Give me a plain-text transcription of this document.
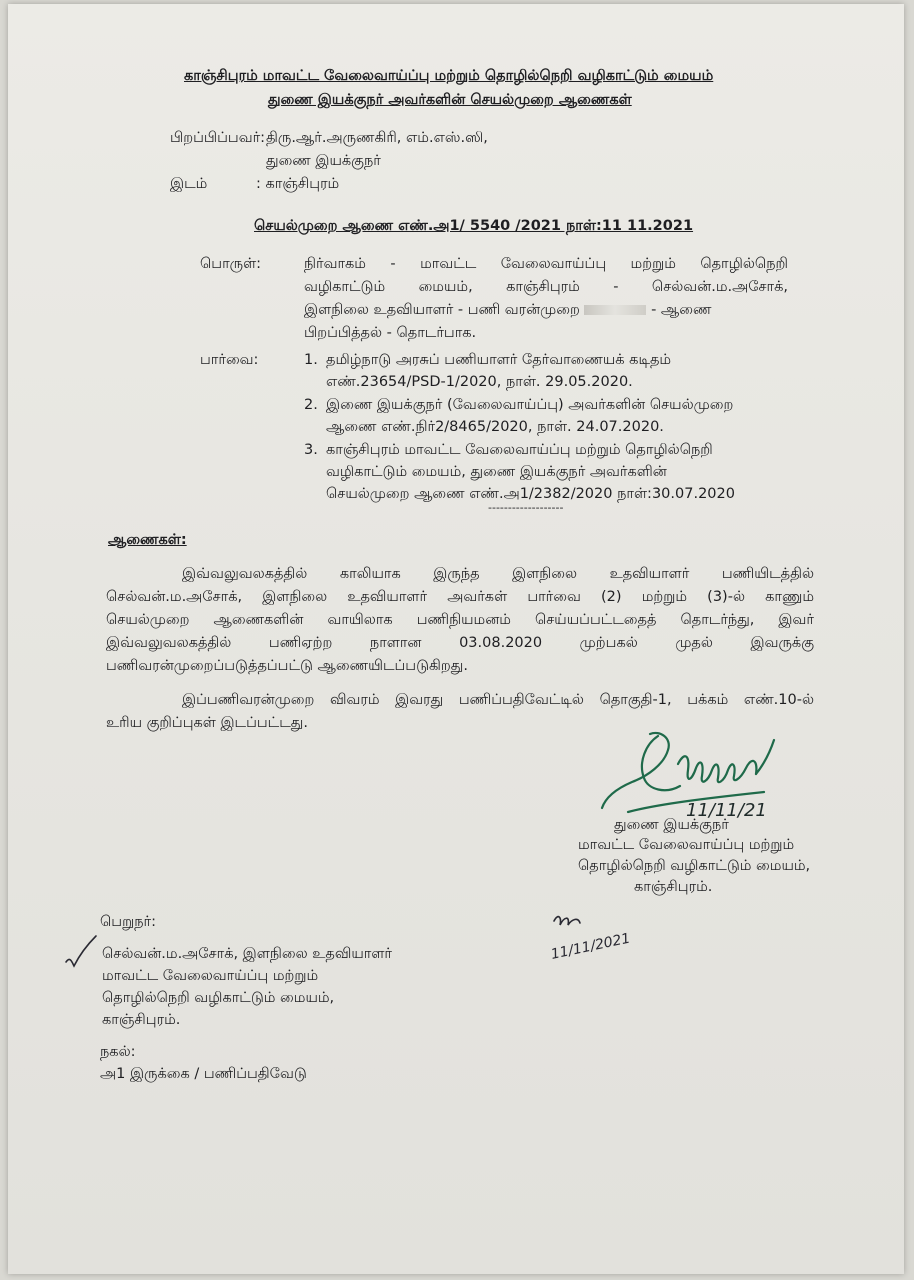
காஞ்சிபுரம் மாவட்ட வேலைவாய்ப்பு மற்றும் தொழில்நெறி வழிகாட்டும் மையம்
துணை இயக்குநர் அவர்களின் செயல்முறை ஆணைகள்
பிறப்பிப்பவர்: திரு.ஆர்.அருணகிரி, எம்.எஸ்.ஸி,
துணை இயக்குநர்
இடம்	: காஞ்சிபுரம்
செயல்முறை ஆணை எண்.அ1/ 5540 /2021 நாள்:11 11.2021
பொருள்:	நிர்வாகம் - மாவட்ட வேலைவாய்ப்பு மற்றும் தொழில்நெறி
வழிகாட்டும் மையம், காஞ்சிபுரம் - செல்வன்.ம.அசோக்,
இளநிலை உதவியாளர் - பணி வரன்முறை	- ஆணை
பிறப்பித்தல் - தொடர்பாக.
பார்வை:	1. தமிழ்நாடு அரசுப் பணியாளர் தேர்வாணையக் கடிதம்
எண்.23654/PSD-1/2020, நாள். 29.05.2020.
2. இணை இயக்குநர் (வேலைவாய்ப்பு) அவர்களின் செயல்முறை
ஆணை எண்.நிர்2/8465/2020, நாள். 24.07.2020.
3. காஞ்சிபுரம் மாவட்ட வேலைவாய்ப்பு மற்றும் தொழில்நெறி
வழிகாட்டும் மையம், துணை இயக்குநர் அவர்களின்
செயல்முறை ஆணை எண்.அ1/2382/2020 நாள்:30.07.2020
-------------------
ஆணைகள்:
இவ்வலுவலகத்தில் காலியாக இருந்த இளநிலை உதவியாளர் பணியிடத்தில்
செல்வன்.ம.அசோக், இளநிலை உதவியாளர் அவர்கள் பார்வை (2) மற்றும் (3)-ல் காணும்
செயல்முறை ஆணைகளின் வாயிலாக பணிநியமனம் செய்யப்பட்டதைத் தொடர்ந்து, இவர்
இவ்வலுவலகத்தில் பணிஏற்ற நாளான 03.08.2020 முற்பகல் முதல் இவருக்கு
பணிவரன்முறைப்படுத்தப்பட்டு ஆணையிடப்படுகிறது.
இப்பணிவரன்முறை விவரம் இவரது பணிப்பதிவேட்டில் தொகுதி-1, பக்கம் எண்.10-ல்
உரிய குறிப்புகள் இடப்பட்டது.
11/11/21
துணை இயக்குநர்
மாவட்ட வேலைவாய்ப்பு மற்றும்
தொழில்நெறி வழிகாட்டும் மையம்,
காஞ்சிபுரம்.
11/11/2021
பெறுநர்:
செல்வன்.ம.அசோக், இளநிலை உதவியாளர்
மாவட்ட வேலைவாய்ப்பு மற்றும்
தொழில்நெறி வழிகாட்டும் மையம்,
காஞ்சிபுரம்.
நகல்:
அ1 இருக்கை / பணிப்பதிவேடு
